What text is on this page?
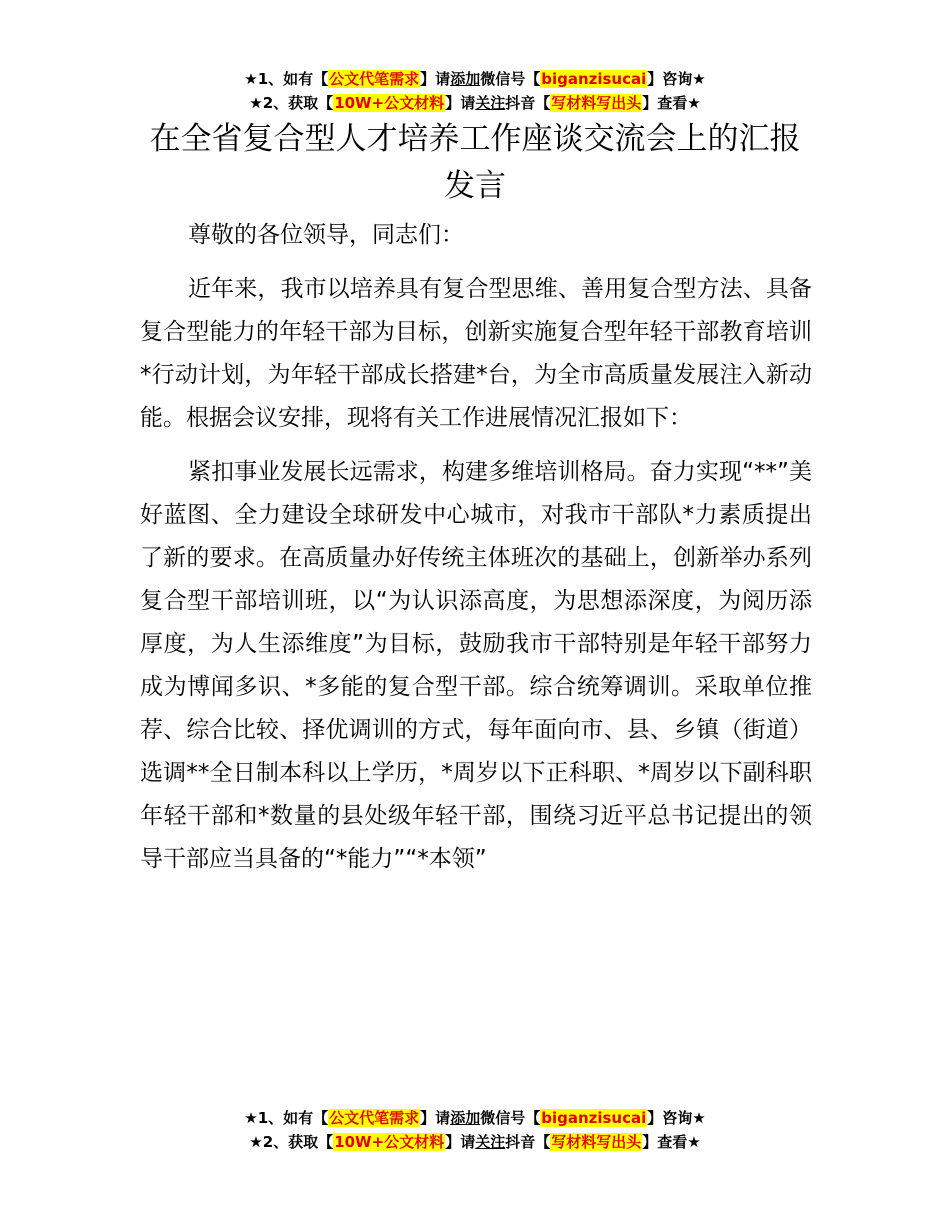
★1、如有【公文代笔需求】请添加微信号【biganzisucai】咨询★
★2、获取【10W+公文材料】请关注抖音【写材料写出头】查看★
在全省复合型人才培养工作座谈交流会上的汇报发言

尊敬的各位领导，同志们：

近年来，我市以培养具有复合型思维、善用复合型方法、具备复合型能力的年轻干部为目标，创新实施复合型年轻干部教育培训*行动计划，为年轻干部成长搭建*台，为全市高质量发展注入新动能。根据会议安排，现将有关工作进展情况汇报如下：

紧扣事业发展长远需求，构建多维培训格局。奋力实现“**”美好蓝图、全力建设全球研发中心城市，对我市干部队*力素质提出了新的要求。在高质量办好传统主体班次的基础上，创新举办系列复合型干部培训班，以“为认识添高度，为思想添深度，为阅历添厚度，为人生添维度”为目标，鼓励我市干部特别是年轻干部努力成为博闻多识、*多能的复合型干部。综合统筹调训。采取单位推荐、综合比较、择优调训的方式，每年面向市、县、乡镇（街道）选调**全日制本科以上学历，*周岁以下正科职、*周岁以下副科职年轻干部和*数量的县处级年轻干部，围绕习近平总书记提出的领导干部应当具备的“*能力”“*本领”

★1、如有【公文代笔需求】请添加微信号【biganzisucai】咨询★
★2、获取【10W+公文材料】请关注抖音【写材料写出头】查看★
